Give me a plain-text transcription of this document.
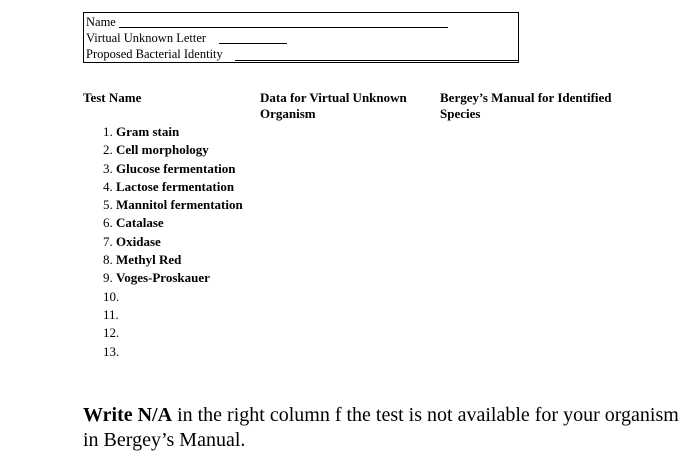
Name
Virtual Unknown Letter
Proposed Bacterial Identity
Test Name	Data for Virtual Unknown Organism
Bergey’s Manual for Identified Species
1. Gram stain
2. Cell morphology
3. Glucose fermentation
4. Lactose fermentation
5. Mannitol fermentation
6. Catalase
7. Oxidase
8. Methyl Red
9. Voges-Proskauer
10.
11.
12.
13.
Write N/A in the right column f the test is not available for your organism in Bergey’s Manual.
